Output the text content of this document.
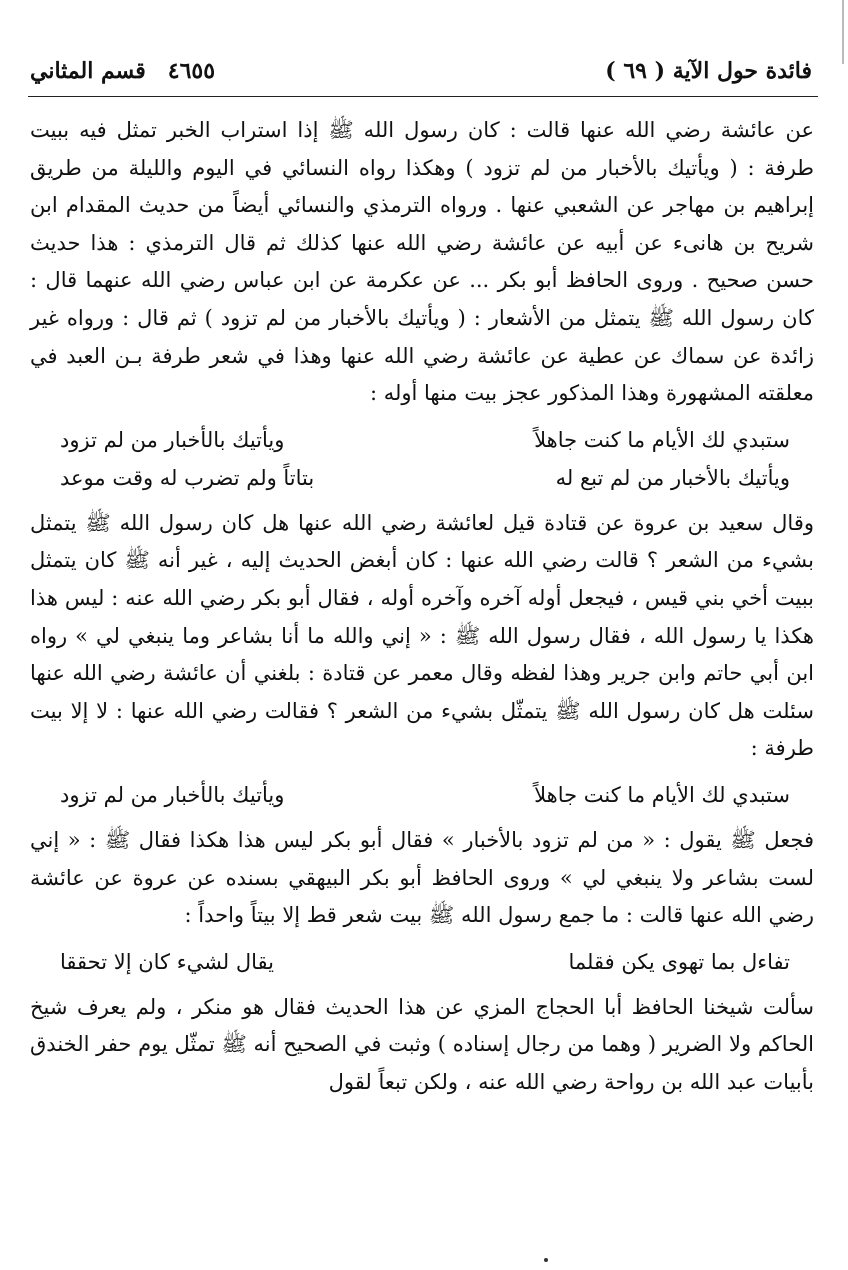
فائدة حول الآية ( ٦٩ )
قسم المثاني ٤٦٥٥

عن عائشة رضي الله عنها قالت : كان رسول الله ﷺ إذا استراب الخبر تمثل فيه ببيت طرفة : ( ويأتيك بالأخبار من لم تزود ) وهكذا رواه النسائي في اليوم والليلة من طريق إبراهيم بن مهاجر عن الشعبي عنها . ورواه الترمذي والنسائي أيضاً من حديث المقدام ابن شريح بن هانىء عن أبيه عن عائشة رضي الله عنها كذلك ثم قال الترمذي : هذا حديث حسن صحيح . وروى الحافظ أبو بكر ... عن عكرمة عن ابن عباس رضي الله عنهما قال : كان رسول الله ﷺ يتمثل من الأشعار : ( ويأتيك بالأخبار من لم تزود ) ثم قال : ورواه غير زائدة عن سماك عن عطية عن عائشة رضي الله عنها وهذا في شعر طرفة بـن العبد في معلقته المشهورة وهذا المذكور عجز بيت منها أوله :

ستبدي لك الأيام ما كنت جاهلاً
ويأتيك بالأخبار من لم تزود
ويأتيك بالأخبار من لم تبع له
بتاتاً ولم تضرب له وقت موعد

وقال سعيد بن عروة عن قتادة قيل لعائشة رضي الله عنها هل كان رسول الله ﷺ يتمثل بشيء من الشعر ؟ قالت رضي الله عنها : كان أبغض الحديث إليه ، غير أنه ﷺ كان يتمثل ببيت أخي بني قيس ، فيجعل أوله آخره وآخره أوله ، فقال أبو بكر رضي الله عنه : ليس هذا هكذا يا رسول الله ، فقال رسول الله ﷺ : « إني والله ما أنا بشاعر وما ينبغي لي » رواه ابن أبي حاتم وابن جرير وهذا لفظه وقال معمر عن قتادة : بلغني أن عائشة رضي الله عنها سئلت هل كان رسول الله ﷺ يتمثّل بشيء من الشعر ؟ فقالت رضي الله عنها : لا إلا بيت طرفة :

ستبدي لك الأيام ما كنت جاهلاً
ويأتيك بالأخبار من لم تزود

فجعل ﷺ يقول : « من لم تزود بالأخبار » فقال أبو بكر ليس هذا هكذا فقال ﷺ : « إني لست بشاعر ولا ينبغي لي » وروى الحافظ أبو بكر البيهقي بسنده عن عروة عن عائشة رضي الله عنها قالت : ما جمع رسول الله ﷺ بيت شعر قط إلا بيتاً واحداً :

تفاءل بما تهوى يكن فقلما
يقال لشيء كان إلا تحققا

سألت شيخنا الحافظ أبا الحجاج المزي عن هذا الحديث فقال هو منكر ، ولم يعرف شيخ الحاكم ولا الضرير ( وهما من رجال إسناده ) وثبت في الصحيح أنه ﷺ تمثّل يوم حفر الخندق بأبيات عبد الله بن رواحة رضي الله عنه ، ولكن تبعاً لقول
